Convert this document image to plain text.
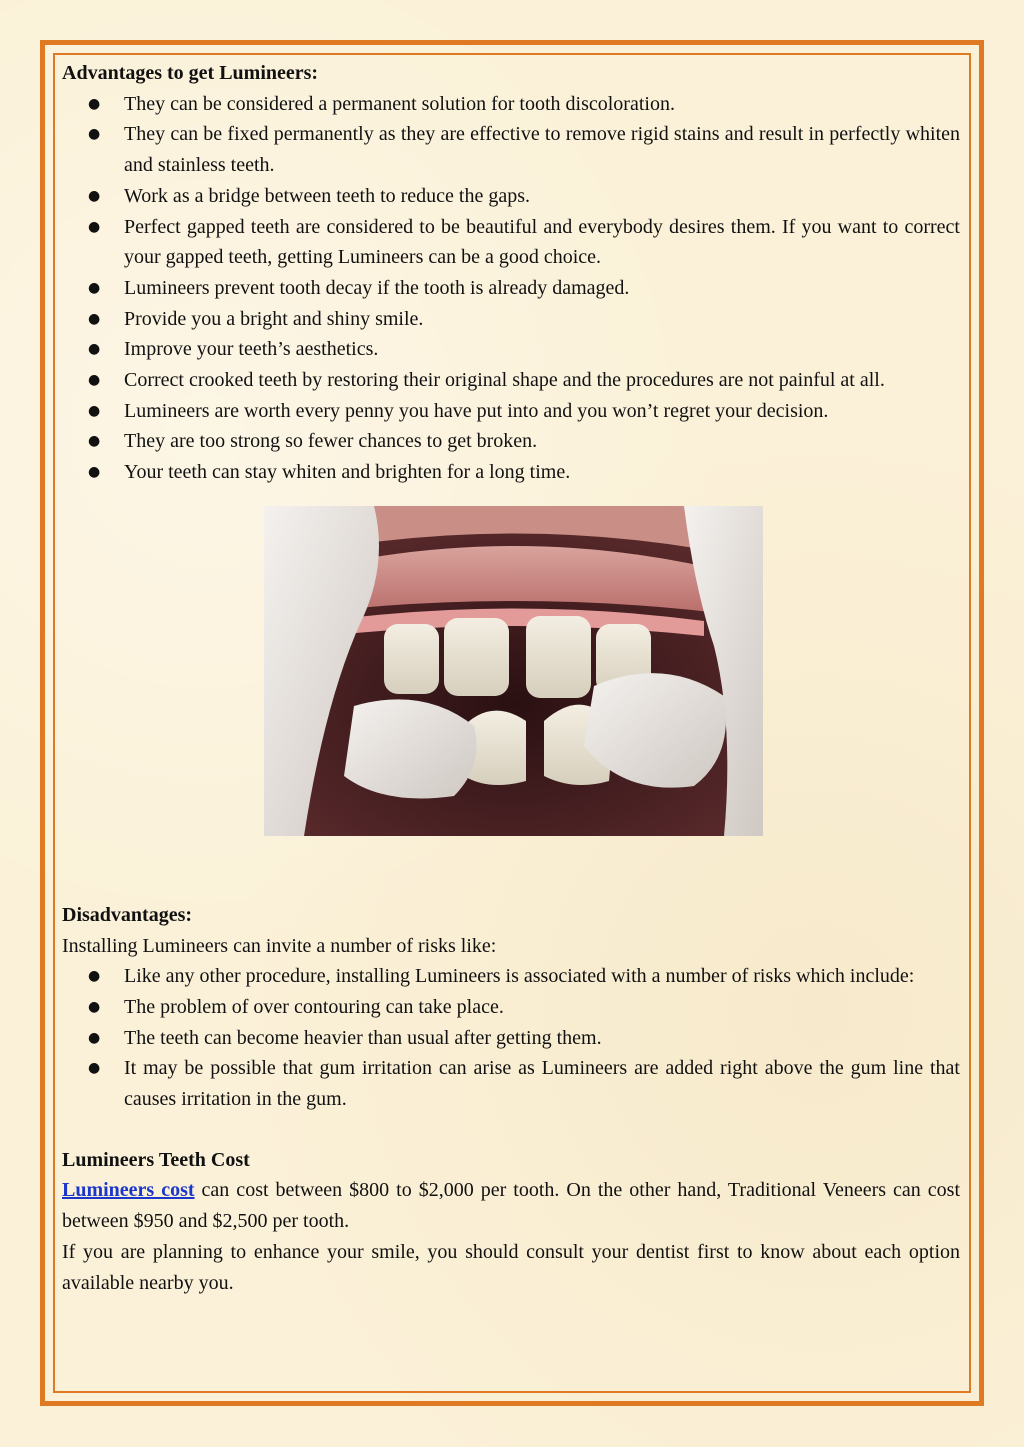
Advantages to get Lumineers:
● They can be considered a permanent solution for tooth discoloration.
● They can be fixed permanently as they are effective to remove rigid stains and result in perfectly whiten and stainless teeth.
● Work as a bridge between teeth to reduce the gaps.
● Perfect gapped teeth are considered to be beautiful and everybody desires them. If you want to correct your gapped teeth, getting Lumineers can be a good choice.
● Lumineers prevent tooth decay if the tooth is already damaged.
● Provide you a bright and shiny smile.
● Improve your teeth’s aesthetics.
● Correct crooked teeth by restoring their original shape and the procedures are not painful at all.
● Lumineers are worth every penny you have put into and you won’t regret your decision.
● They are too strong so fewer chances to get broken.
● Your teeth can stay whiten and brighten for a long time.
Disadvantages:

Installing Lumineers can invite a number of risks like:

● Like any other procedure, installing Lumineers is associated with a number of risks which include:
● The problem of over contouring can take place.
● The teeth can become heavier than usual after getting them.
● It may be possible that gum irritation can arise as Lumineers are added right above the gum line that causes irritation in the gum.
Lumineers Teeth Cost

Lumineers cost can cost between $800 to $2,000 per tooth. On the other hand, Traditional Veneers can cost between $950 and $2,500 per tooth.

If you are planning to enhance your smile, you should consult your dentist first to know about each option available nearby you.
